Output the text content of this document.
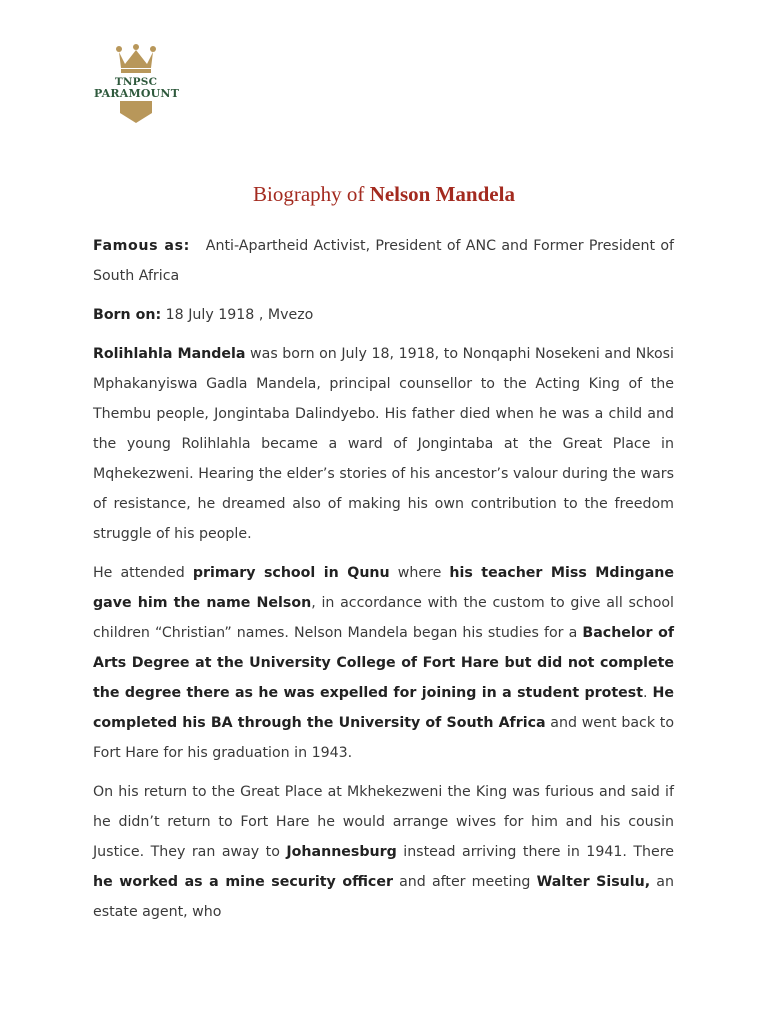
TNPSC
PARAMOUNT
Biography of Nelson Mandela

Famous as: Anti-Apartheid Activist, President of ANC and Former President of South Africa

Born on: 18 July 1918 , Mvezo

Rolihlahla Mandela was born on July 18, 1918, to Nonqaphi Nosekeni and Nkosi Mphakanyiswa Gadla Mandela, principal counsellor to the Acting King of the Thembu people, Jongintaba Dalindyebo. His father died when he was a child and the young Rolihlahla became a ward of Jongintaba at the Great Place in Mqhekezweni. Hearing the elder’s stories of his ancestor’s valour during the wars of resistance, he dreamed also of making his own contribution to the freedom struggle of his people.

He attended primary school in Qunu where his teacher Miss Mdingane gave him the name Nelson, in accordance with the custom to give all school children “Christian” names. Nelson Mandela began his studies for a Bachelor of Arts Degree at the University College of Fort Hare but did not complete the degree there as he was expelled for joining in a student protest. He completed his BA through the University of South Africa and went back to Fort Hare for his graduation in 1943.

On his return to the Great Place at Mkhekezweni the King was furious and said if he didn’t return to Fort Hare he would arrange wives for him and his cousin Justice. They ran away to Johannesburg instead arriving there in 1941. There he worked as a mine security officer and after meeting Walter Sisulu, an estate agent, who
